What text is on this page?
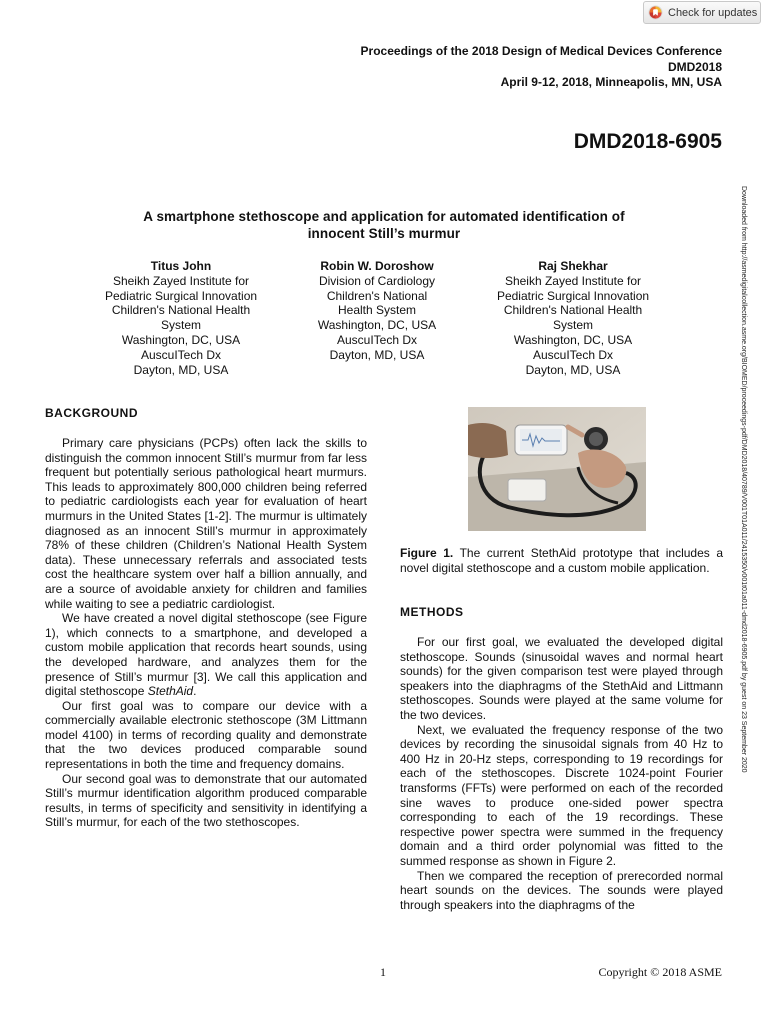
Check for updates
Proceedings of the 2018 Design of Medical Devices Conference
DMD2018
April 9-12, 2018, Minneapolis, MN, USA
DMD2018-6905
A smartphone stethoscope and application for automated identification of
innocent Still’s murmur
Titus John
Sheikh Zayed Institute for
Pediatric Surgical Innovation
Children's National Health
System
Washington, DC, USA
AuscuITech Dx
Dayton, MD, USA
Robin W. Doroshow
Division of Cardiology
Children's National
Health System
Washington, DC, USA
AuscuITech Dx
Dayton, MD, USA
Raj Shekhar
Sheikh Zayed Institute for
Pediatric Surgical Innovation
Children's National Health
System
Washington, DC, USA
AuscuITech Dx
Dayton, MD, USA	Downloaded from http://asmedigitalcollection.asme.org/BIOMED/proceedings-pdf/DMD2018/40789/V001T01A011/2415350/v001t01a011-dmd2018-6905.pdf by guest on 23 September 2020
BACKGROUND

Primary care physicians (PCPs) often lack the skills to distinguish the common innocent Still’s murmur from far less frequent but potentially serious pathological heart murmurs. This leads to approximately 800,000 children being referred to pediatric cardiologists each year for evaluation of heart murmurs in the United States [1-2]. The murmur is ultimately diagnosed as an innocent Still’s murmur in approximately 78% of these children (Children’s National Health System data). These unnecessary referrals and associated tests cost the healthcare system over half a billion annually, and are a source of avoidable anxiety for children and families while waiting to see a pediatric cardiologist.

We have created a novel digital stethoscope (see Figure 1), which connects to a smartphone, and developed a custom mobile application that records heart sounds, using the developed hardware, and analyzes them for the presence of Still’s murmur [3]. We call this application and digital stethoscope StethAid.

Our first goal was to compare our device with a commercially available electronic stethoscope (3M Littmann model 4100) in terms of recording quality and demonstrate that the two devices produced comparable sound representations in both the time and frequency domains.

Our second goal was to demonstrate that our automated Still’s murmur identification algorithm produced comparable results, in terms of specificity and sensitivity in identifying a Still’s murmur, for each of the two stethoscopes.

Figure 1. The current StethAid prototype that includes a novel digital stethoscope and a custom mobile application.
METHODS

For our first goal, we evaluated the developed digital stethoscope. Sounds (sinusoidal waves and normal heart sounds) for the given comparison test were played through speakers into the diaphragms of the StethAid and Littmann stethoscopes. Sounds were played at the same volume for the two devices.

Next, we evaluated the frequency response of the two devices by recording the sinusoidal signals from 40 Hz to 400 Hz in 20-Hz steps, corresponding to 19 recordings for each of the stethoscopes. Discrete 1024-point Fourier transforms (FFTs) were performed on each of the recorded sine waves to produce one-sided power spectra corresponding to each of the 19 recordings. These respective power spectra were summed in the frequency domain and a third order polynomial was fitted to the summed response as shown in Figure 2.

Then we compared the reception of prerecorded normal heart sounds on the devices. The sounds were played through speakers into the diaphragms of the

1	Copyright © 2018 ASME
